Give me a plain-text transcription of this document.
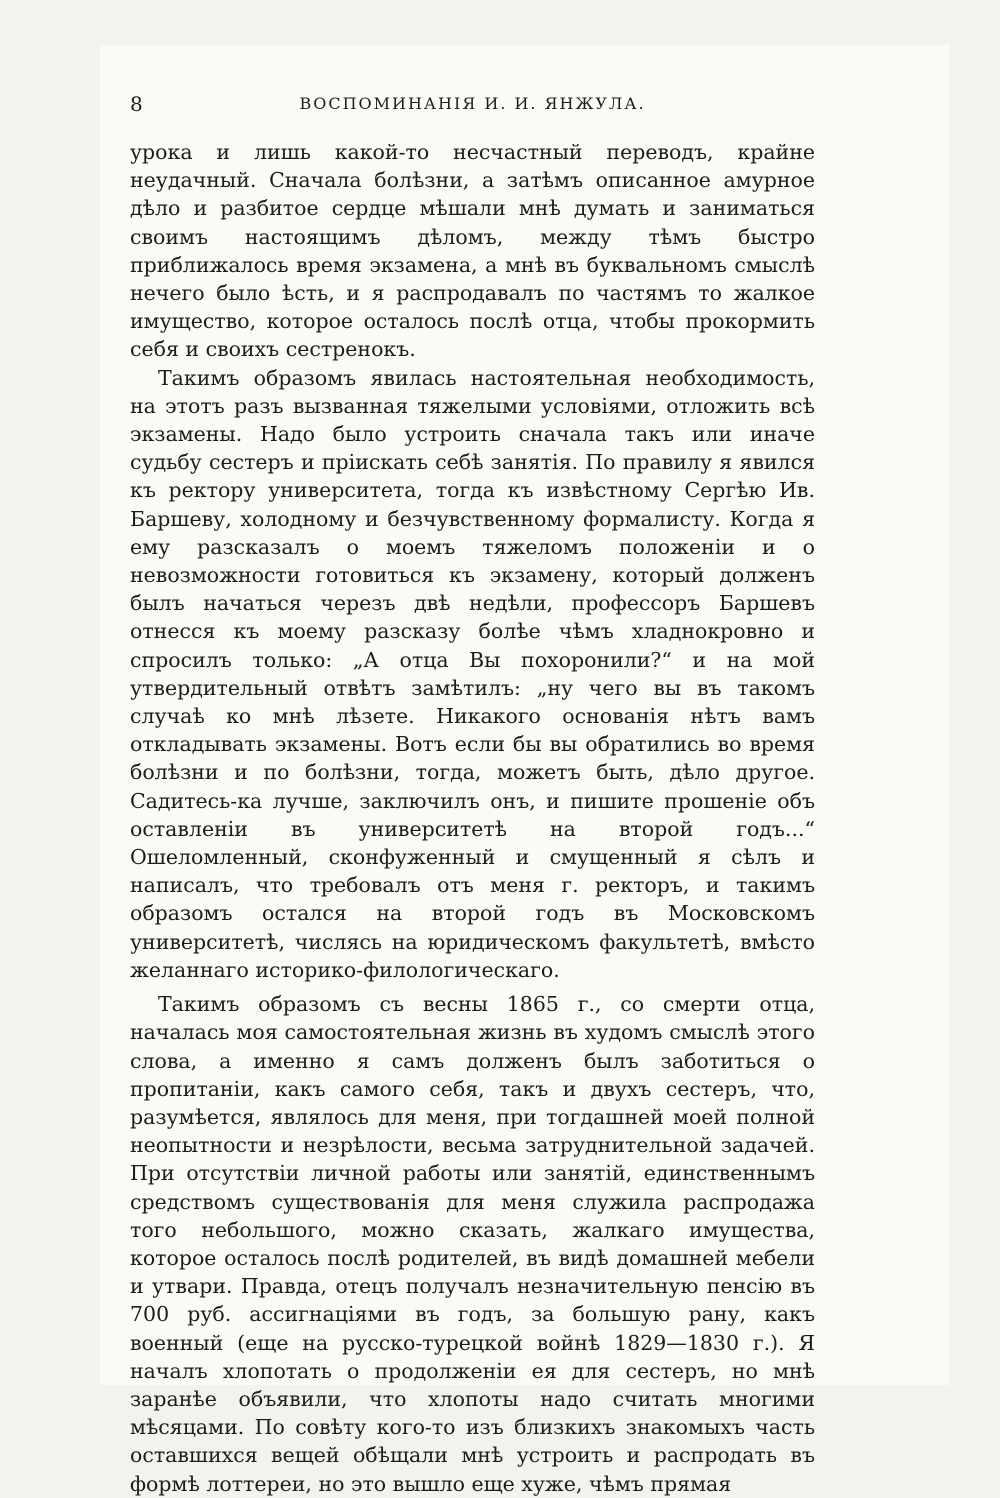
8	ВОСПОМИНАНІЯ И. И. ЯНЖУЛА.

урока и лишь какой-то несчастный переводъ, крайне неудачный. Сначала болѣзни, а затѣмъ описанное амурное дѣло и разбитое сердце мѣшали мнѣ думать и заниматься своимъ настоящимъ дѣломъ, между тѣмъ быстро приближалось время экзамена, а мнѣ въ буквальномъ смыслѣ нечего было ѣсть, и я распродавалъ по частямъ то жалкое имущество, которое осталось послѣ отца, чтобы прокормить себя и своихъ сестренокъ.

Такимъ образомъ явилась настоятельная необходимость, на этотъ разъ вызванная тяжелыми условіями, отложить всѣ экзамены. Надо было устроить сначала такъ или иначе судьбу сестеръ и пріискать себѣ занятія. По правилу я явился къ ректору университета, тогда къ извѣстному Сергѣю Ив. Баршеву, холодному и безчувственному формалисту. Когда я ему разсказалъ о моемъ тяжеломъ положеніи и о невозможности готовиться къ экзамену, который долженъ былъ начаться черезъ двѣ недѣли, профессоръ Баршевъ отнесся къ моему разсказу болѣе чѣмъ хладнокровно и спросилъ только: „А отца Вы похоронили?“ и на мой утвердительный отвѣтъ замѣтилъ: „ну чего вы въ такомъ случаѣ ко мнѣ лѣзете. Никакого основанія нѣтъ вамъ откладывать экзамены. Вотъ если бы вы обратились во время болѣзни и по болѣзни, тогда, можетъ быть, дѣло другое. Садитесь-ка лучше, заключилъ онъ, и пишите прошеніе объ оставленіи въ университетѣ на второй годъ...“ Ошеломленный, сконфуженный и смущенный я сѣлъ и написалъ, что требовалъ отъ меня г. ректоръ, и такимъ образомъ остался на второй годъ въ Московскомъ университетѣ, числясь на юридическомъ факультетѣ, вмѣсто желаннаго историко-филологическаго.

Такимъ образомъ съ весны 1865 г., со смерти отца, началась моя самостоятельная жизнь въ худомъ смыслѣ этого слова, а именно я самъ долженъ былъ заботиться о пропитаніи, какъ самого себя, такъ и двухъ сестеръ, что, разумѣется, являлось для меня, при тогдашней моей полной неопытности и незрѣлости, весьма затруднительной задачей. При отсутствіи личной работы или занятій, единственнымъ средствомъ существованія для меня служила распродажа того небольшого, можно сказать, жалкаго имущества, которое осталось послѣ родителей, въ видѣ домашней мебели и утвари. Правда, отецъ получалъ незначительную пенсію въ 700 руб. ассигнаціями въ годъ, за большую рану, какъ военный (еще на русско-турецкой войнѣ 1829—1830 г.). Я началъ хлопотать о продолженіи ея для сестеръ, но мнѣ заранѣе объявили, что хлопоты надо считать многими мѣсяцами. По совѣту кого-то изъ близкихъ знакомыхъ часть оставшихся вещей обѣщали мнѣ устроить и распродать въ формѣ лоттереи, но это вышло еще хуже, чѣмъ прямая
